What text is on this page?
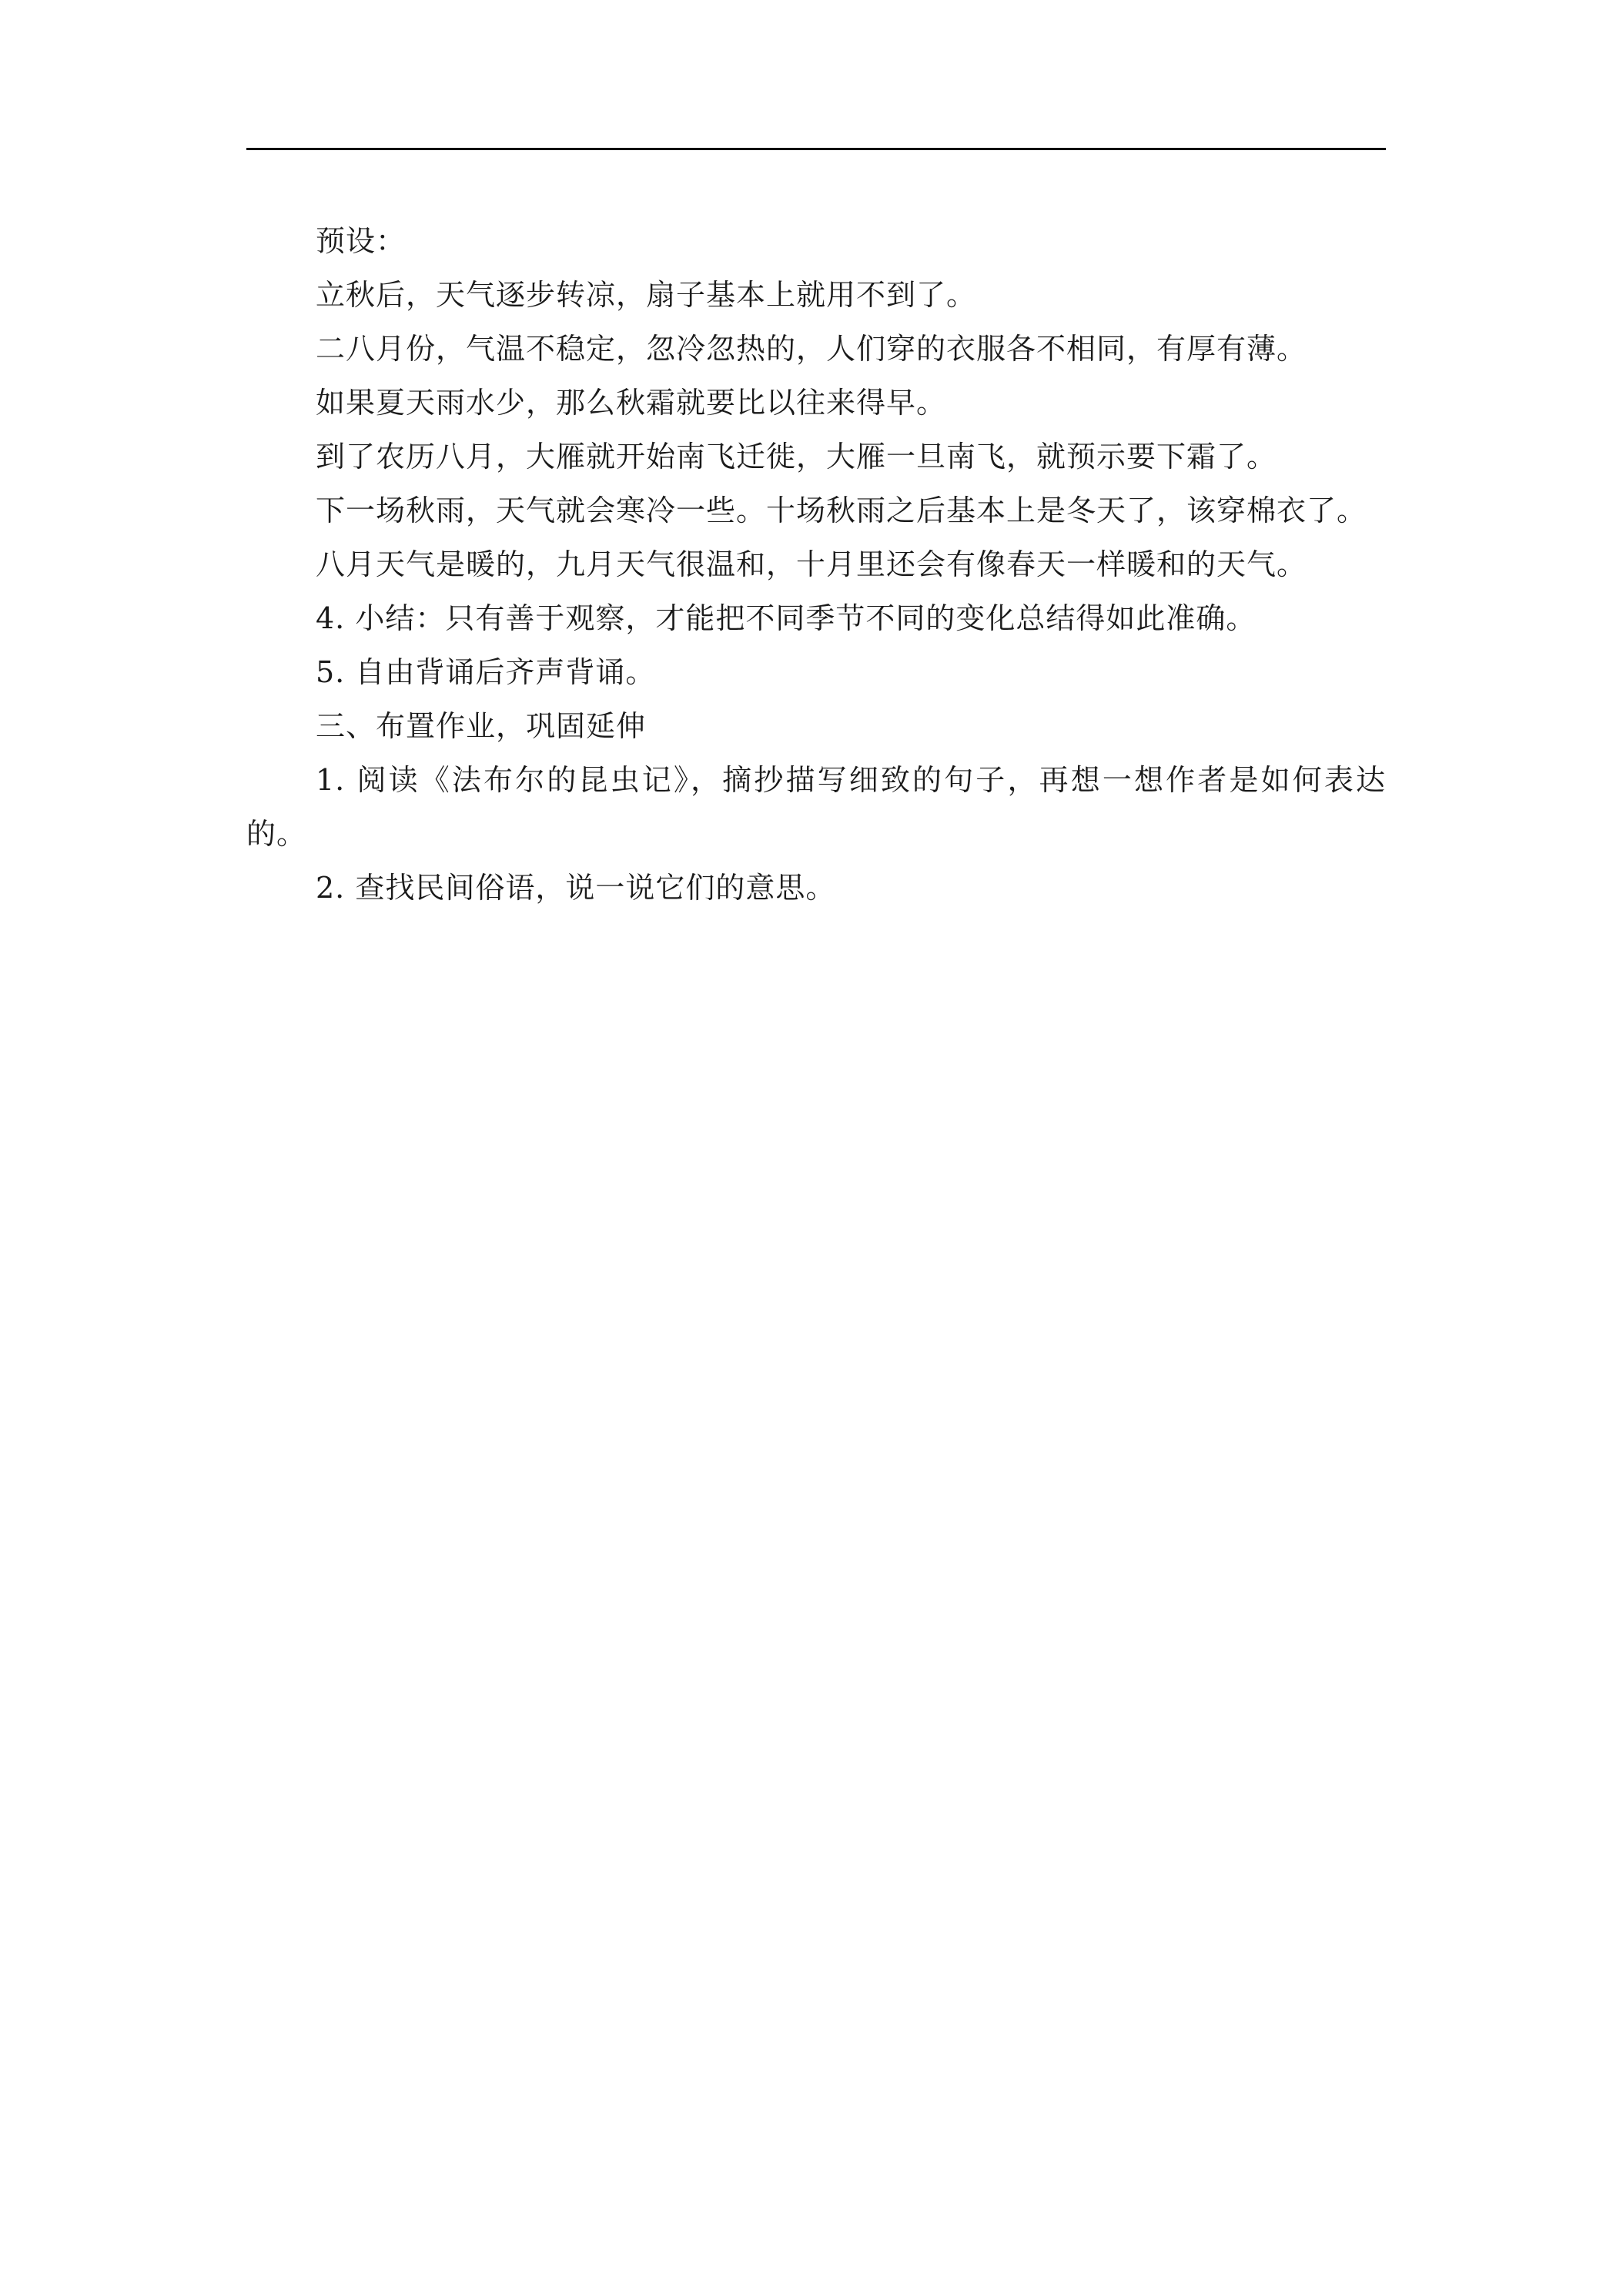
预设：

立秋后，天气逐步转凉，扇子基本上就用不到了。

二八月份，气温不稳定，忽冷忽热的，人们穿的衣服各不相同，有厚有薄。

如果夏天雨水少，那么秋霜就要比以往来得早。

到了农历八月，大雁就开始南飞迁徙，大雁一旦南飞，就预示要下霜了。

下一场秋雨，天气就会寒冷一些。十场秋雨之后基本上是冬天了，该穿棉衣了。

八月天气是暖的，九月天气很温和，十月里还会有像春天一样暖和的天气。

4. 小结：只有善于观察，才能把不同季节不同的变化总结得如此准确。

5. 自由背诵后齐声背诵。

三、布置作业，巩固延伸

1. 阅读《法布尔的昆虫记》，摘抄描写细致的句子，再想一想作者是如何表达的。

2. 查找民间俗语，说一说它们的意思。
